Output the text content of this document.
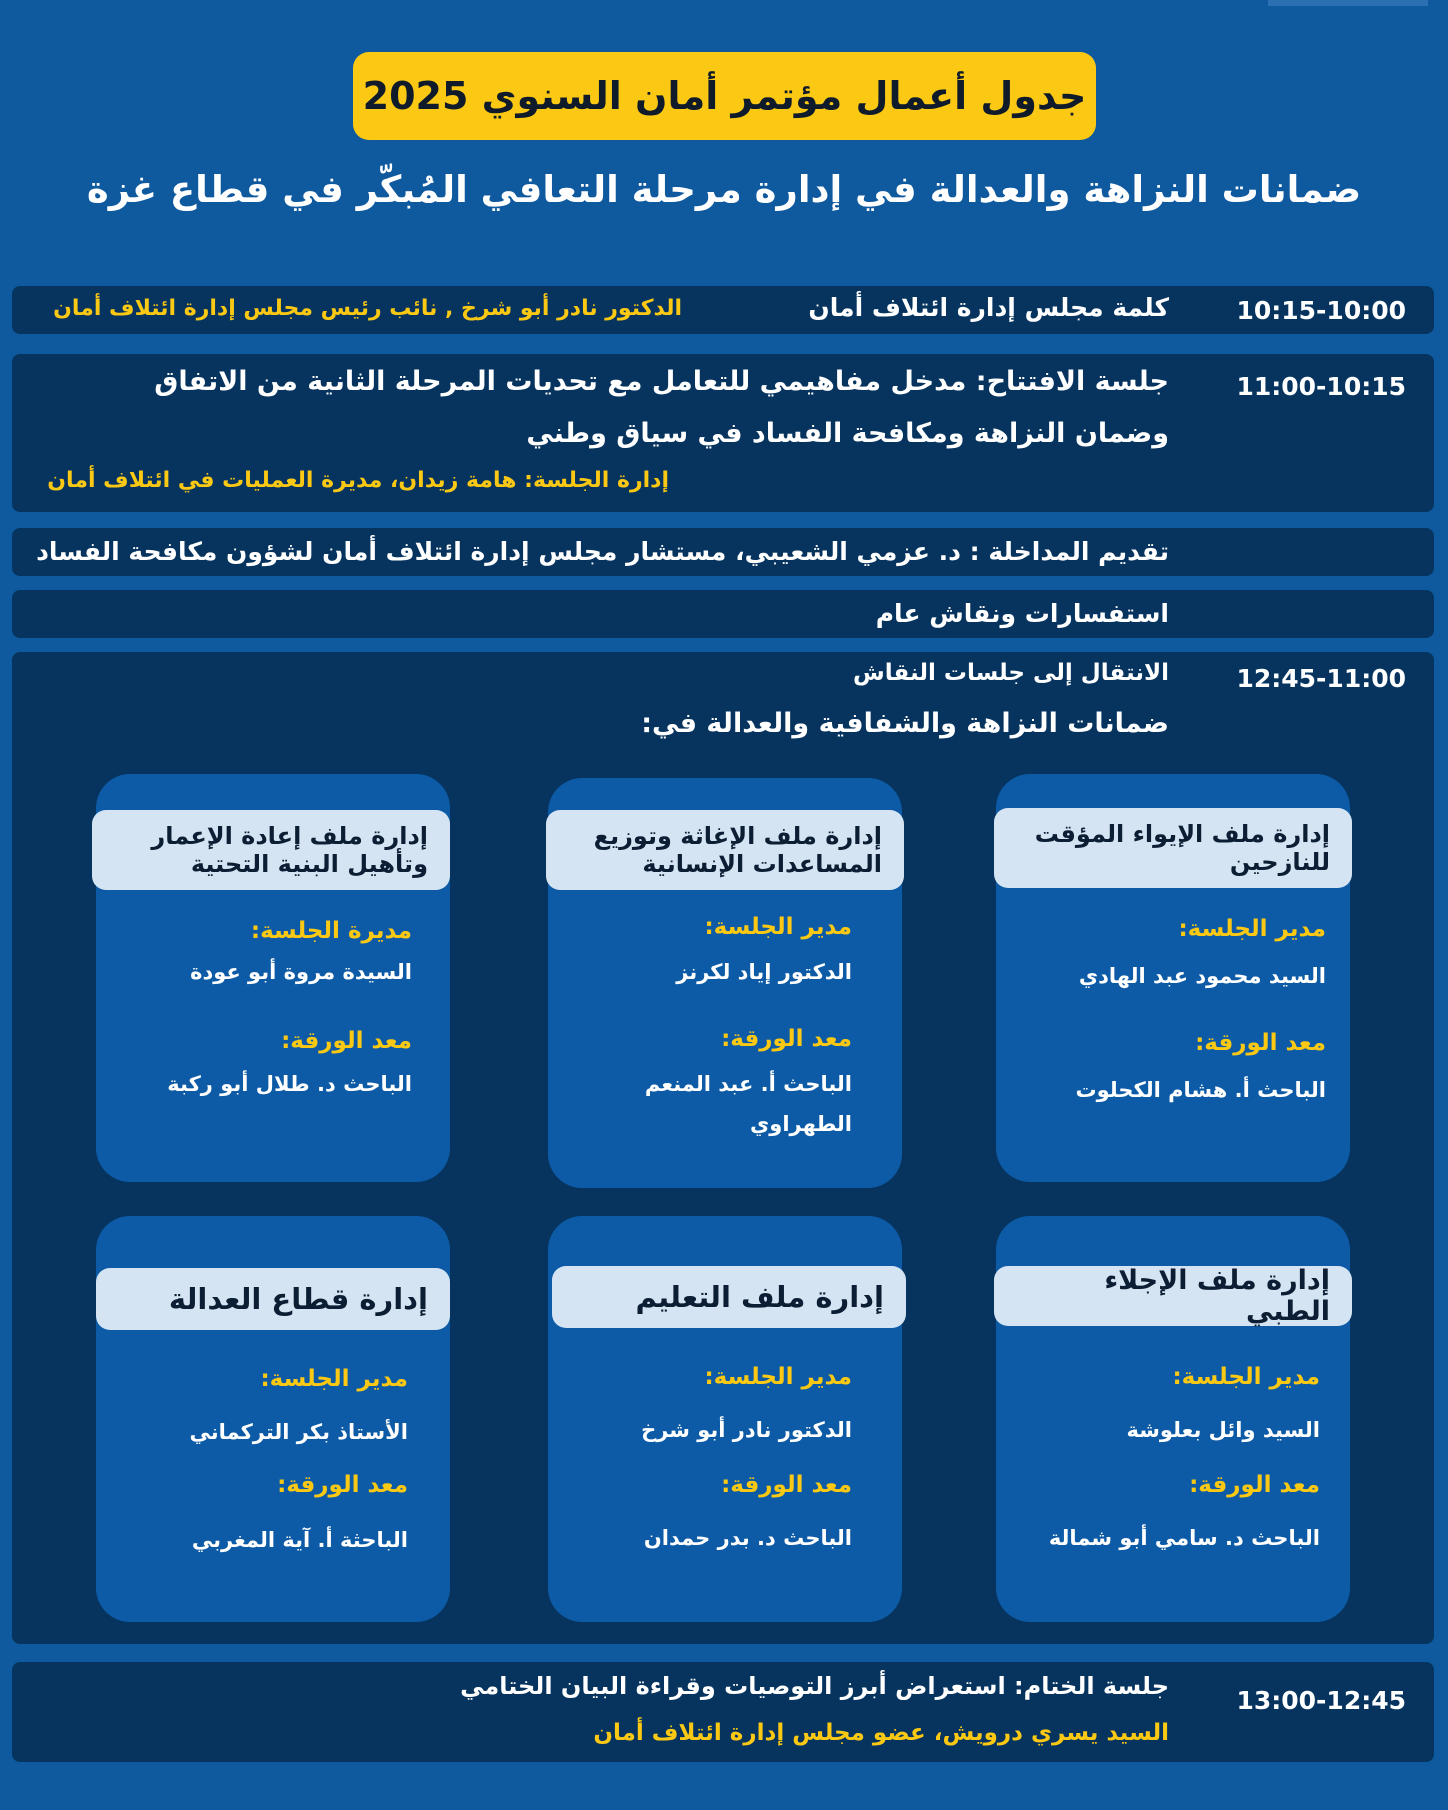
جدول أعمال مؤتمر أمان السنوي 2025
ضمانات النزاهة والعدالة في إدارة مرحلة التعافي المُبكّر في قطاع غزة
10:15-10:00
كلمة مجلس إدارة ائتلاف أمان
الدكتور نادر أبو شرخ , نائب رئيس مجلس إدارة ائتلاف أمان
11:00-10:15
جلسة الافتتاح: مدخل مفاهيمي للتعامل مع تحديات المرحلة الثانية من الاتفاق
وضمان النزاهة ومكافحة الفساد في سياق وطني
إدارة الجلسة: هامة زيدان، مديرة العمليات في ائتلاف أمان
تقديم المداخلة : د. عزمي الشعيبي، مستشار مجلس إدارة ائتلاف أمان لشؤون مكافحة الفساد
استفسارات ونقاش عام
12:45-11:00
الانتقال إلى جلسات النقاش
ضمانات النزاهة والشفافية والعدالة في:
إدارة ملف الإيواء المؤقت للنازحين
مدير الجلسة:
السيد محمود عبد الهادي
معد الورقة:
الباحث أ. هشام الكحلوت
إدارة ملف الإغاثة وتوزيع المساعدات الإنسانية
مدير الجلسة:
الدكتور إياد لكرنز
معد الورقة:
الباحث أ. عبد المنعم
الطهراوي
إدارة ملف إعادة الإعمار وتأهيل البنية التحتية
مديرة الجلسة:
السيدة مروة أبو عودة
معد الورقة:
الباحث د. طلال أبو ركبة
إدارة ملف الإجلاء الطبي
مدير الجلسة:
السيد وائل بعلوشة
معد الورقة:
الباحث د. سامي أبو شمالة
إدارة ملف التعليم
مدير الجلسة:
الدكتور نادر أبو شرخ
معد الورقة:
الباحث د. بدر حمدان
إدارة قطاع العدالة
مدير الجلسة:
الأستاذ بكر التركماني
معد الورقة:
الباحثة أ. آية المغربي
13:00-12:45
جلسة الختام: استعراض أبرز التوصيات وقراءة البيان الختامي
السيد يسري درويش، عضو مجلس إدارة ائتلاف أمان
